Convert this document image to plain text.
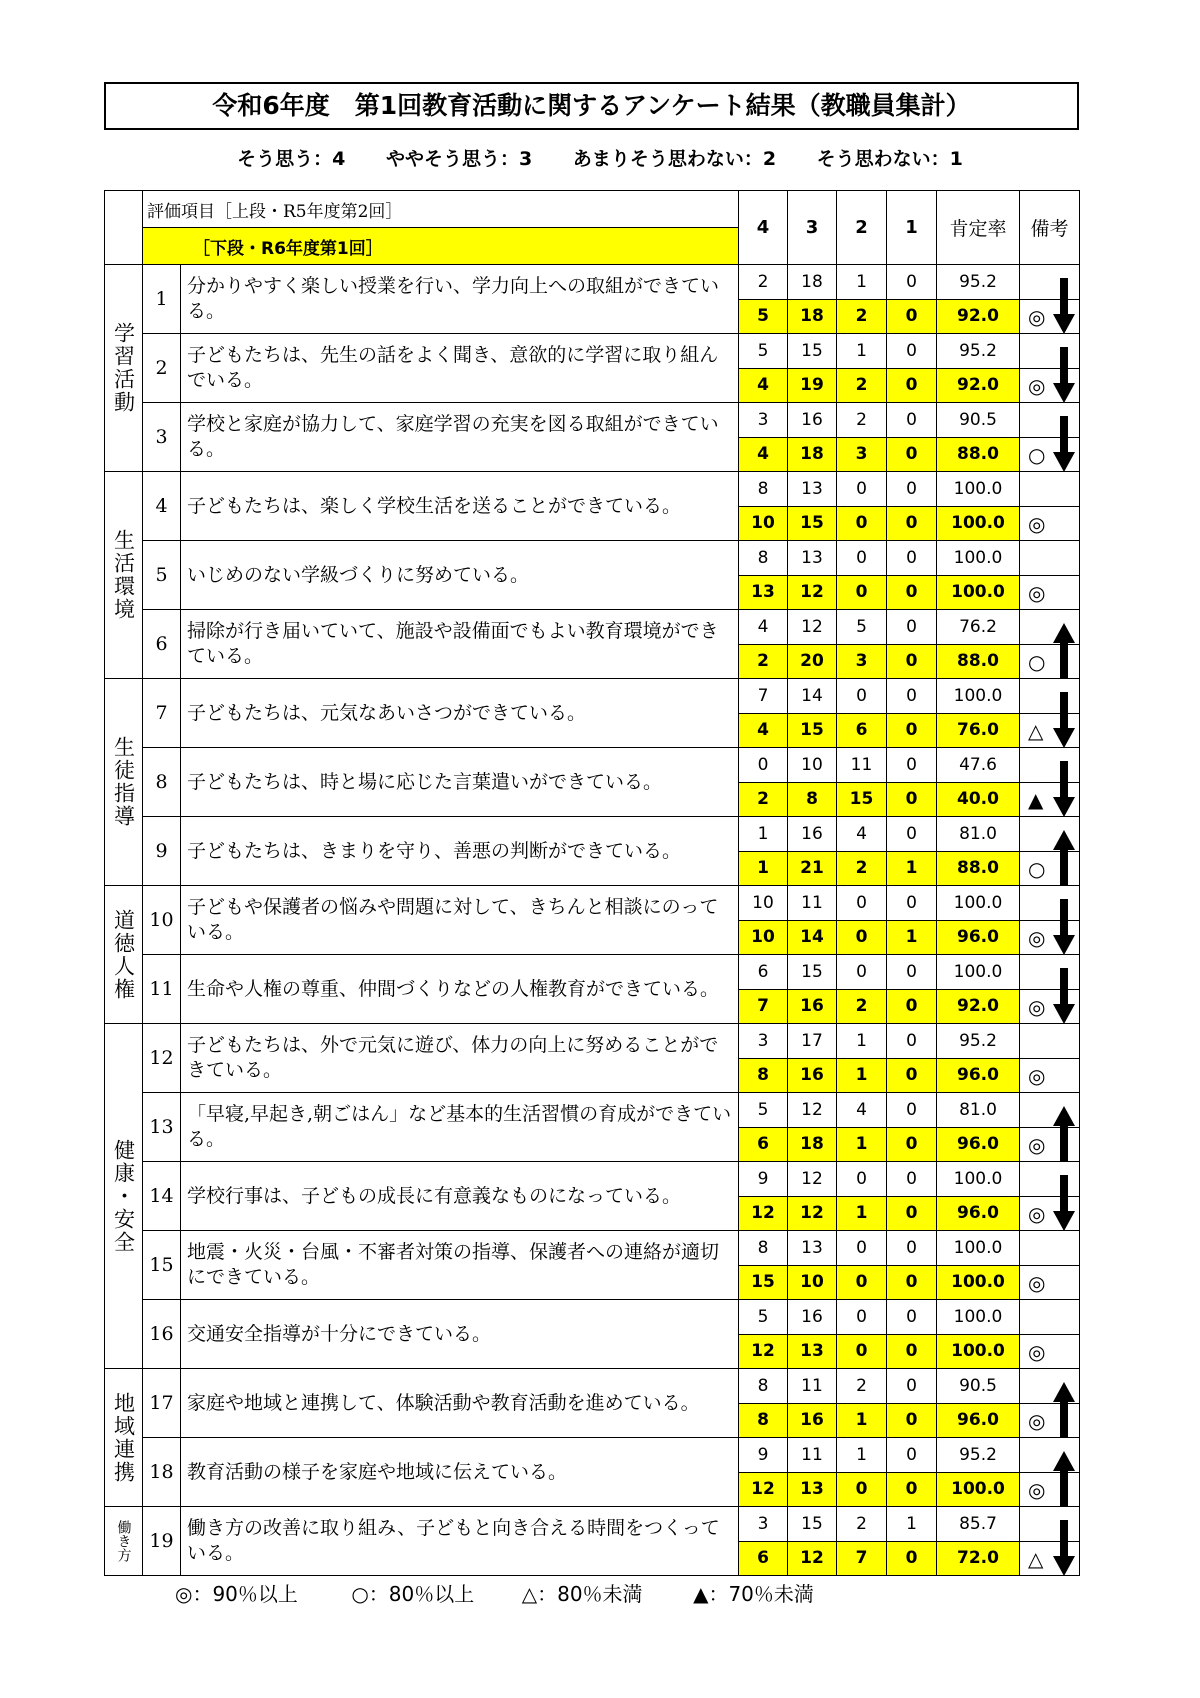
令和6年度　第1回教育活動に関するアンケート結果（教職員集計）
そう思う：4 ややそう思う：3 あまりそう思わない：2 そう思わない：1
	評価項目［上段・R5年度第2回］		4	3	2	1	肯定率	備考
	［下段・R6年度第1回］							
学習活動	1	分かりやすく楽しい授業を行い、学力向上への取組ができている。	2	18	1	0	95.2	
			5	18	2	0	92.0	◎

	2	子どもたちは、先生の話をよく聞き、意欲的に学習に取り組んでいる。	5	15	1	0	95.2	
			4	19	2	0	92.0	◎

	3	学校と家庭が協力して、家庭学習の充実を図る取組ができている。	3	16	2	0	90.5	
			4	18	3	0	88.0	○

生活環境	4	子どもたちは、楽しく学校生活を送ることができている。	8	13	0	0	100.0	
			10	15	0	0	100.0	◎

	5	いじめのない学級づくりに努めている。	8	13	0	0	100.0	
			13	12	0	0	100.0	◎

	6	掃除が行き届いていて、施設や設備面でもよい教育環境ができている。	4	12	5	0	76.2	
			2	20	3	0	88.0	○

生徒指導	7	子どもたちは、元気なあいさつができている。	7	14	0	0	100.0	
			4	15	6	0	76.0	△

	8	子どもたちは、時と場に応じた言葉遣いができている。	0	10	11	0	47.6	
			2	8	15	0	40.0	▲

	9	子どもたちは、きまりを守り、善悪の判断ができている。	1	16	4	0	81.0	
			1	21	2	1	88.0	○

道徳人権	10	子どもや保護者の悩みや問題に対して、きちんと相談にのっている。	10	11	0	0	100.0	
			10	14	0	1	96.0	◎

	11	生命や人権の尊重、仲間づくりなどの人権教育ができている。	6	15	0	0	100.0	
			7	16	2	0	92.0	◎

健康・安全	12	子どもたちは、外で元気に遊び、体力の向上に努めることができている。	3	17	1	0	95.2	
			8	16	1	0	96.0	◎

	13	「早寝,早起き,朝ごはん」など基本的生活習慣の育成ができている。	5	12	4	0	81.0	
			6	18	1	0	96.0	◎

	14	学校行事は、子どもの成長に有意義なものになっている。	9	12	0	0	100.0	
			12	12	1	0	96.0	◎

	15	地震・火災・台風・不審者対策の指導、保護者への連絡が適切にできている。	8	13	0	0	100.0	
			15	10	0	0	100.0	◎

	16	交通安全指導が十分にできている。	5	16	0	0	100.0	
			12	13	0	0	100.0	◎

地域連携	17	家庭や地域と連携して、体験活動や教育活動を進めている。	8	11	2	0	90.5	
			8	16	1	0	96.0	◎

	18	教育活動の様子を家庭や地域に伝えている。	9	11	1	0	95.2	
			12	13	0	0	100.0	◎

働き方	19	働き方の改善に取り組み、子どもと向き合える時間をつくっている。	3	15	2	1	85.7	
			6	12	7	0	72.0	△
◎：90％以上	○：80％以上 △：80％未満	▲：70％未満
